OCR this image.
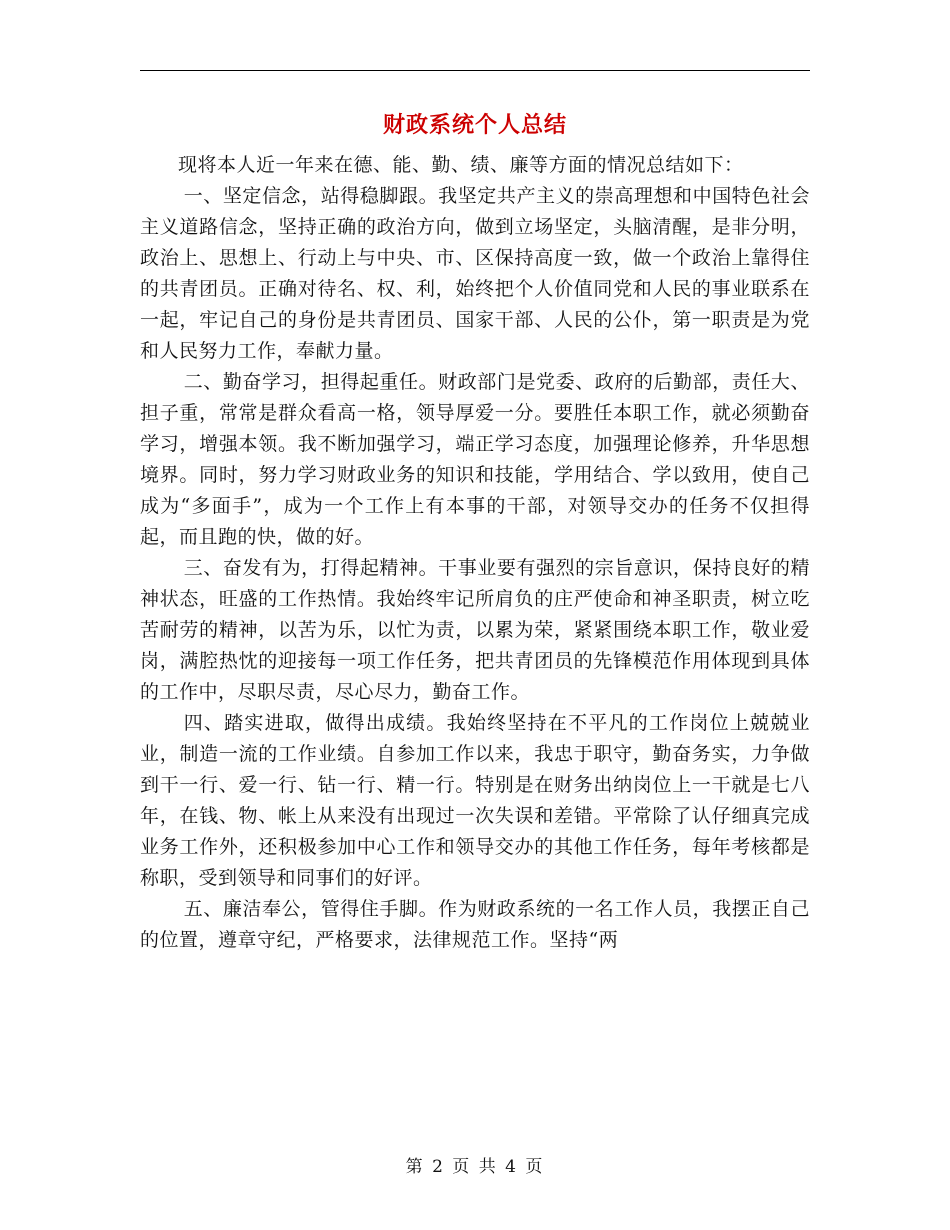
财政系统个人总结

现将本人近一年来在德、能、勤、绩、廉等方面的情况总结如下：

一、坚定信念，站得稳脚跟。我坚定共产主义的崇高理想和中国特色社会主义道路信念，坚持正确的政治方向，做到立场坚定，头脑清醒，是非分明，政治上、思想上、行动上与中央、市、区保持高度一致，做一个政治上靠得住的共青团员。正确对待名、权、利，始终把个人价值同党和人民的事业联系在一起，牢记自己的身份是共青团员、国家干部、人民的公仆，第一职责是为党和人民努力工作，奉献力量。

二、勤奋学习，担得起重任。财政部门是党委、政府的后勤部，责任大、担子重，常常是群众看高一格，领导厚爱一分。要胜任本职工作，就必须勤奋学习，增强本领。我不断加强学习，端正学习态度，加强理论修养，升华思想境界。同时，努力学习财政业务的知识和技能，学用结合、学以致用，使自己成为“多面手”，成为一个工作上有本事的干部，对领导交办的任务不仅担得起，而且跑的快，做的好。

三、奋发有为，打得起精神。干事业要有强烈的宗旨意识，保持良好的精神状态，旺盛的工作热情。我始终牢记所肩负的庄严使命和神圣职责，树立吃苦耐劳的精神，以苦为乐，以忙为责，以累为荣，紧紧围绕本职工作，敬业爱岗，满腔热忱的迎接每一项工作任务，把共青团员的先锋模范作用体现到具体的工作中，尽职尽责，尽心尽力，勤奋工作。

四、踏实进取，做得出成绩。我始终坚持在不平凡的工作岗位上兢兢业业，制造一流的工作业绩。自参加工作以来，我忠于职守，勤奋务实，力争做到干一行、爱一行、钻一行、精一行。特别是在财务出纳岗位上一干就是七八年，在钱、物、帐上从来没有出现过一次失误和差错。平常除了认仔细真完成业务工作外，还积极参加中心工作和领导交办的其他工作任务，每年考核都是称职，受到领导和同事们的好评。

五、廉洁奉公，管得住手脚。作为财政系统的一名工作人员，我摆正自己的位置，遵章守纪，严格要求，法律规范工作。坚持“两

第 2 页 共 4 页
